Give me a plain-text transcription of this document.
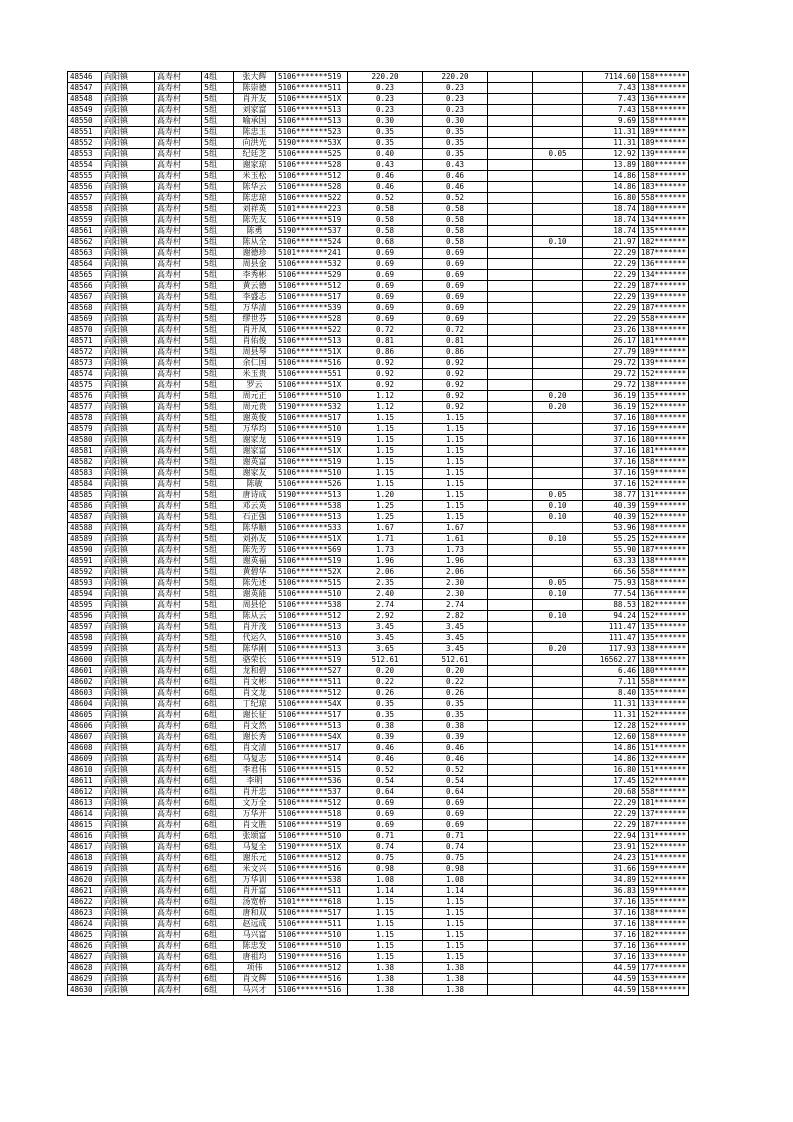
48546	向阳镇	高寿村	4组	张大辉	5106*******519	220.20	220.20			7114.60	158*******
48547	向阳镇	高寿村	5组	陈崇德	5106*******511	0.23	0.23			7.43	138*******
48548	向阳镇	高寿村	5组	肖开友	5106*******51X	0.23	0.23			7.43	136*******
48549	向阳镇	高寿村	5组	刘家富	5106*******513	0.23	0.23			7.43	158*******
48550	向阳镇	高寿村	5组	喻承国	5106*******513	0.30	0.30			9.69	158*******
48551	向阳镇	高寿村	5组	陈忠玉	5106*******523	0.35	0.35			11.31	189*******
48552	向阳镇	高寿村	5组	向洪光	5190*******53X	0.35	0.35			11.31	189*******
48553	向阳镇	高寿村	5组	纪廷芝	5106*******525	0.40	0.35		0.05	12.92	139*******
48554	向阳镇	高寿村	5组	谢家琼	5106*******528	0.43	0.43			13.89	180*******
48555	向阳镇	高寿村	5组	米玉松	5106*******512	0.46	0.46			14.86	158*******
48556	向阳镇	高寿村	5组	陈华云	5106*******528	0.46	0.46			14.86	183*******
48557	向阳镇	高寿村	5组	陈忠琼	5106*******522	0.52	0.52			16.80	558*******
48558	向阳镇	高寿村	5组	刘祥英	5101*******223	0.58	0.58			18.74	180*******
48559	向阳镇	高寿村	5组	陈先友	5106*******519	0.58	0.58			18.74	134*******
48561	向阳镇	高寿村	5组	陈勇	5190*******537	0.58	0.58			18.74	135*******
48562	向阳镇	高寿村	5组	陈从全	5106*******524	0.68	0.58		0.10	21.97	182*******
48563	向阳镇	高寿村	5组	谢德珍	5101*******241	0.69	0.69			22.29	187*******
48564	向阳镇	高寿村	5组	周县金	5106*******532	0.69	0.69			22.29	136*******
48565	向阳镇	高寿村	5组	李秀彬	5106*******529	0.69	0.69			22.29	134*******
48566	向阳镇	高寿村	5组	黄云德	5106*******512	0.69	0.69			22.29	187*******
48567	向阳镇	高寿村	5组	李盛志	5106*******517	0.69	0.69			22.29	139*******
48568	向阳镇	高寿村	5组	万华清	5106*******539	0.69	0.69			22.29	187*******
48569	向阳镇	高寿村	5组	缪世芬	5106*******528	0.69	0.69			22.29	558*******
48570	向阳镇	高寿村	5组	肖开凤	5106*******522	0.72	0.72			23.26	138*******
48571	向阳镇	高寿村	5组	肖佑俊	5106*******513	0.81	0.81			26.17	181*******
48572	向阳镇	高寿村	5组	周县琴	5106*******51X	0.86	0.86			27.79	189*******
48573	向阳镇	高寿村	5组	余仁国	5106*******516	0.92	0.92			29.72	139*******
48574	向阳镇	高寿村	5组	米玉贵	5106*******551	0.92	0.92			29.72	152*******
48575	向阳镇	高寿村	5组	罗云	5106*******51X	0.92	0.92			29.72	138*******
48576	向阳镇	高寿村	5组	周元正	5106*******510	1.12	0.92		0.20	36.19	135*******
48577	向阳镇	高寿村	5组	周元贵	5190*******532	1.12	0.92		0.20	36.19	152*******
48578	向阳镇	高寿村	5组	谢英俊	5106*******517	1.15	1.15			37.16	180*******
48579	向阳镇	高寿村	5组	万华均	5106*******510	1.15	1.15			37.16	159*******
48580	向阳镇	高寿村	5组	谢家龙	5106*******519	1.15	1.15			37.16	180*******
48581	向阳镇	高寿村	5组	谢家富	5106*******51X	1.15	1.15			37.16	181*******
48582	向阳镇	高寿村	5组	谢英富	5106*******519	1.15	1.15			37.16	158*******
48583	向阳镇	高寿村	5组	谢家友	5106*******510	1.15	1.15			37.16	159*******
48584	向阳镇	高寿村	5组	陈敏	5106*******526	1.15	1.15			37.16	152*******
48585	向阳镇	高寿村	5组	唐诗成	5190*******513	1.20	1.15		0.05	38.77	131*******
48586	向阳镇	高寿村	5组	邓云英	5106*******538	1.25	1.15		0.10	40.39	159*******
48587	向阳镇	高寿村	5组	石正强	5106*******513	1.25	1.15		0.10	40.39	152*******
48588	向阳镇	高寿村	5组	陈华顺	5106*******533	1.67	1.67			53.96	198*******
48589	向阳镇	高寿村	5组	刘孙友	5106*******51X	1.71	1.61		0.10	55.25	152*******
48590	向阳镇	高寿村	5组	陈先芳	5106*******569	1.73	1.73			55.90	187*******
48591	向阳镇	高寿村	5组	谢英福	5106*******519	1.96	1.96			63.33	138*******
48592	向阳镇	高寿村	5组	黄碧华	5106*******52X	2.06	2.06			66.56	558*******
48593	向阳镇	高寿村	5组	陈先述	5106*******515	2.35	2.30		0.05	75.93	158*******
48594	向阳镇	高寿村	5组	谢英能	5106*******510	2.40	2.30		0.10	77.54	136*******
48595	向阳镇	高寿村	5组	周县伦	5106*******538	2.74	2.74			88.53	182*******
48596	向阳镇	高寿村	5组	陈从云	5106*******512	2.92	2.82		0.10	94.24	152*******
48597	向阳镇	高寿村	5组	肖开茂	5106*******513	3.45	3.45			111.47	135*******
48598	向阳镇	高寿村	5组	代运久	5106*******510	3.45	3.45			111.47	135*******
48599	向阳镇	高寿村	5组	陈华刚	5106*******513	3.65	3.45		0.20	117.93	138*******
48600	向阳镇	高寿村	5组	骆荣长	5106*******519	512.61	512.61			16562.27	138*******
48601	向阳镇	高寿村	6组	龙和碧	5106*******527	0.20	0.20			6.46	180*******
48602	向阳镇	高寿村	6组	肖文彬	5106*******511	0.22	0.22			7.11	558*******
48603	向阳镇	高寿村	6组	肖文龙	5106*******512	0.26	0.26			8.40	135*******
48604	向阳镇	高寿村	6组	丁纪琼	5106*******54X	0.35	0.35			11.31	133*******
48605	向阳镇	高寿村	6组	谢长征	5106*******517	0.35	0.35			11.31	152*******
48606	向阳镇	高寿村	6组	肖文然	5106*******513	0.38	0.38			12.28	152*******
48607	向阳镇	高寿村	6组	谢长秀	5106*******54X	0.39	0.39			12.60	158*******
48608	向阳镇	高寿村	6组	肖文清	5106*******517	0.46	0.46			14.86	151*******
48609	向阳镇	高寿村	6组	马复志	5106*******514	0.46	0.46			14.86	132*******
48610	向阳镇	高寿村	6组	李君伟	5106*******515	0.52	0.52			16.80	151*******
48611	向阳镇	高寿村	6组	李明	5106*******536	0.54	0.54			17.45	152*******
48612	向阳镇	高寿村	6组	肖开忠	5106*******537	0.64	0.64			20.68	558*******
48613	向阳镇	高寿村	6组	文万全	5106*******512	0.69	0.69			22.29	181*******
48614	向阳镇	高寿村	6组	万华开	5106*******518	0.69	0.69			22.29	137*******
48615	向阳镇	高寿村	6组	肖文胜	5106*******519	0.69	0.69			22.29	187*******
48616	向阳镇	高寿村	6组	张颂富	5106*******510	0.71	0.71			22.94	131*******
48617	向阳镇	高寿村	6组	马复全	5190*******51X	0.74	0.74			23.91	152*******
48618	向阳镇	高寿村	6组	谢乐元	5106*******512	0.75	0.75			24.23	151*******
48619	向阳镇	高寿村	6组	米文兴	5106*******516	0.98	0.98			31.66	159*******
48620	向阳镇	高寿村	6组	万华训	5106*******538	1.08	1.08			34.89	152*******
48621	向阳镇	高寿村	6组	肖开富	5106*******511	1.14	1.14			36.83	159*******
48622	向阳镇	高寿村	6组	汤宽桥	5101*******618	1.15	1.15			37.16	135*******
48623	向阳镇	高寿村	6组	唐和双	5106*******517	1.15	1.15			37.16	138*******
48624	向阳镇	高寿村	6组	赵远成	5106*******511	1.15	1.15			37.16	138*******
48625	向阳镇	高寿村	6组	马兴富	5106*******510	1.15	1.15			37.16	182*******
48626	向阳镇	高寿村	6组	陈忠发	5106*******510	1.15	1.15			37.16	136*******
48627	向阳镇	高寿村	6组	唐祖均	5190*******516	1.15	1.15			37.16	133*******
48628	向阳镇	高寿村	6组	项伟	5106*******512	1.38	1.38			44.59	177*******
48629	向阳镇	高寿村	6组	肖文辉	5106*******516	1.38	1.38			44.59	153*******
48630	向阳镇	高寿村	6组	马兴才	5106*******516	1.38	1.38			44.59	158*******
